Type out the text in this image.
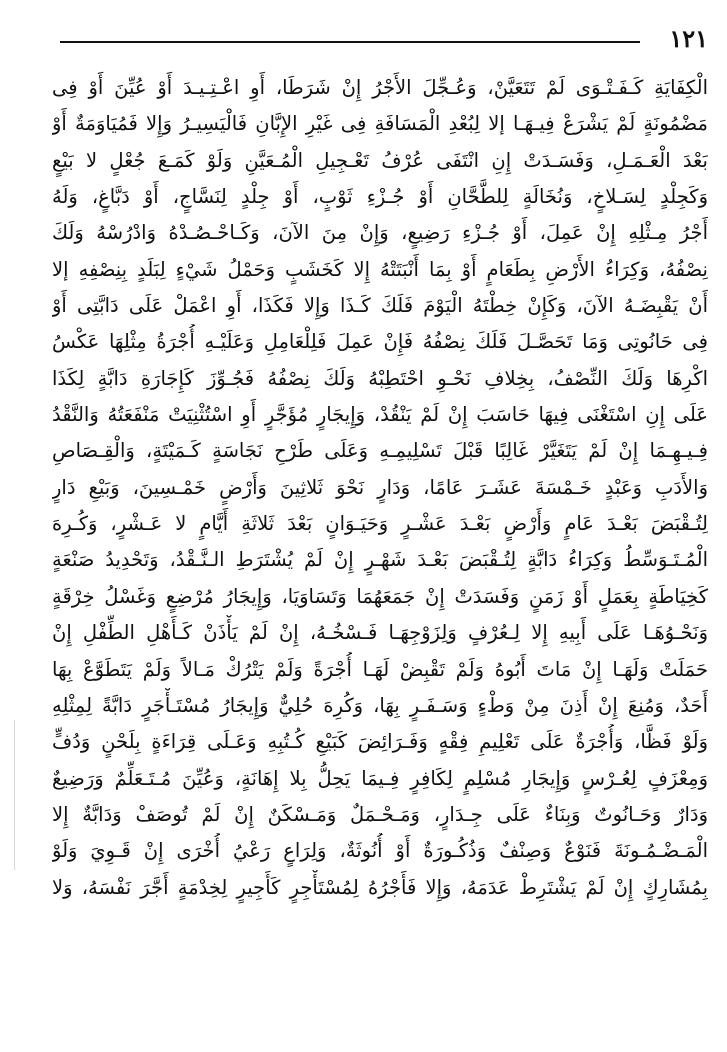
١٢١
الْكِفَايَةِ كَـفَـتْـوَى لَمْ تَتَعَيَّنْ، وَعُـجِّلَ الأَجْرُ إِنْ شَرَطَا، أَوِ اعْـتِـيـدَ أَوْ عُيِّنَ أَوْ فِى
مَضْمُونَةٍ لَمْ يَشْرَعْ فِيـهَـا إلا لِبُعْدِ الْمَسَافَةِ فِى غَيْرِ الإِبَّانِ فَالْيَسِيـرُ وَإِلا فَمُيَاوَمَةٌ أَوْ
بَعْدَ الْعَـمَـلِ، وَفَسَـدَتْ إِنِ انْتَفَى عُرْفُ تَعْـجِيلِ الْمُـعَيَّنِ وَلَوْ كَمَـعَ جُعْلٍ لا بَيْعٍ
وَكَجِلْدٍ لِسَـلاخٍ، وَنُخَالَةٍ لِلطَّحَّانِ أَوْ جُـزْءِ ثَوْبٍ، أَوْ جِلْدٍ لِنَسَّاجٍ، أَوْ دَبَّاغٍ، وَلَهُ
أَجْرُ مِـثْلِهِ إِنْ عَمِلَ، أَوْ جُـزْءِ رَضِيعٍ، وَإِنْ مِنَ الآنَ، وَكَـاحْـصُـدْهُ وَادْرُسْهُ وَلَكَ
نِصْفُهُ، وَكِرَاءُ الأَرْضِ بِطَعَامٍ أَوْ بِمَا أَنْبَتَتْهُ إِلا كَخَشَبٍ وَحَمْلُ شَيْءٍ لِبَلَدٍ بِنِصْفِهِ إلا
أَنْ يَقْبِضَـهُ الآنَ، وَكَإِنْ خِطْتَهُ الْيَوْمَ فَلَكَ كَـذَا وَإِلا فَكَذَا، أَوِ اعْمَلْ عَلَى دَابَّتِى أَوْ
فِى حَانُوتِى وَمَا تَحَصَّـلَ فَلَكَ نِصْفُهُ فَإِنْ عَمِلَ فَلِلْعَامِلِ وَعَلَيْـهِ أُجْرَةُ مِثْلِهَا عَكْسُ
اكْرِهَا وَلَكَ النِّصْفُ، بِخِلافِ نَحْـوِ احْتَطِبْهُ وَلَكَ نِصْفُهُ فَجُـوِّزَ كَإِجَارَةِ دَابَّةٍ لِكَذَا
عَلَى إِنِ اسْتَغْنَى فِيهَا حَاسَبَ إِنْ لَمْ يَنْقُدْ، وَإِيجَارٍ مُؤَجَّرٍ أَوِ اسْتُثْنِيَتْ مَنْفَعَتُهُ وَالنَّقْدُ
فِـيـهِـمَا إِنْ لَمْ يَتَغَيَّرْ غَالِبًا قَبْلَ تَسْلِيمِـهِ وَعَلَى طَرْحِ نَجَاسَةٍ كَـمَيْتَةٍ، وَالْقِـصَاصِ
وَالأَدَبِ وَعَبْدٍ خَـمْسَةَ عَشَـرَ عَامًا، وَدَارٍ نَحْوَ ثَلاثِينَ وَأَرْضٍ خَمْـسِينَ، وَبَيْعِ دَارٍ
لِتُـقْبَضَ بَعْـدَ عَامٍ وَأَرْضٍ بَعْـدَ عَشْـرٍ وَحَيَـوَانٍ بَعْدَ ثَلاثَةِ أَيَّامٍ لا عَـشْرٍ، وَكُـرِهَ
الْمُـتَـوَسِّطُ وَكِرَاءُ دَابَّةٍ لِتُـقْبَضَ بَعْـدَ شَهْـرٍ إِنْ لَمْ يُشْتَرَطِ الـنَّـقْدُ، وَتَحْدِيدُ صَنْعَةٍ
كَخِيَاطَةٍ بِعَمَلٍ أَوْ زَمَنٍ وَفَسَدَتْ إِنْ جَمَعَهُمَا وَتَسَاوَيَا، وَإِيجَارُ مُرْضِعٍ وَغَسْلُ خِرْقَةٍ
وَنَحْـوُهَـا عَلَى أَبِيهِ إِلا لِـعُرْفٍ وَلِزَوْجِهَـا فَـسْخُـهُ، إِنْ لَمْ يَأْذَنْ كَـأَهْلِ الطِّفْلِ إِنْ
حَمَلَتْ وَلَهَـا إِنْ مَاتَ أَبُوهُ وَلَمْ تَقْبِضْ لَهَـا أُجْرَةً وَلَمْ يَتْرُكْ مَـالاً وَلَمْ يَتَطَوَّعْ بِهَا
أَحَدٌ، وَمُنِعَ إِنْ أَذِنَ مِنْ وَطْءٍ وَسَـفَـرٍ بِهَا، وَكُرِهَ حُلِيٌّ وَإِيجَارُ مُسْتَـأْجَرٍ دَابَّةً لِمِثْلِهِ
وَلَوْ فَظًّا، وَأُجْرَةٌ عَلَى تَعْلِيمِ فِقْهٍ وَفَـرَائِضَ كَبَيْعِ كُـتُبِهِ وَعَـلَى قِرَاءَةٍ بِلَحْنٍ وَدُفٍّ
وَمِعْزَفٍ لِعُـرْسٍ وَإِيجَارِ مُسْلِمٍ لِكَافِرٍ فِـيمَا يَحِلُّ بِلا إِهَانَةٍ، وَعُيِّنَ مُـتَـعَلِّمٌ وَرَضِيعٌ
وَدَارٌ وَحَـانُوتٌ وَبِنَاءٌ عَلَى جِـدَارٍ، وَمَـحْـمَلٌ وَمَـسْكَنٌ إِنْ لَمْ تُوصَفْ وَدَابَّةٌ إِلا
الْمَـضْـمُـونَةَ فَنَوْعٌ وَصِنْفٌ وَذُكُـورَةٌ أَوْ أُنُوثَةٌ، وَلِرَاعٍ رَعْيُ أُخْرَى إِنْ قَـوِيَ وَلَوْ
بِمُشَارِكٍ إِنْ لَمْ يَشْتَرِطْ عَدَمَهُ، وَإِلا فَأَجْرُهُ لِمُسْتَأْجِرٍ كَأَجِيرٍ لِخِدْمَةٍ أَجَّرَ نَفْسَهُ، وَلا
